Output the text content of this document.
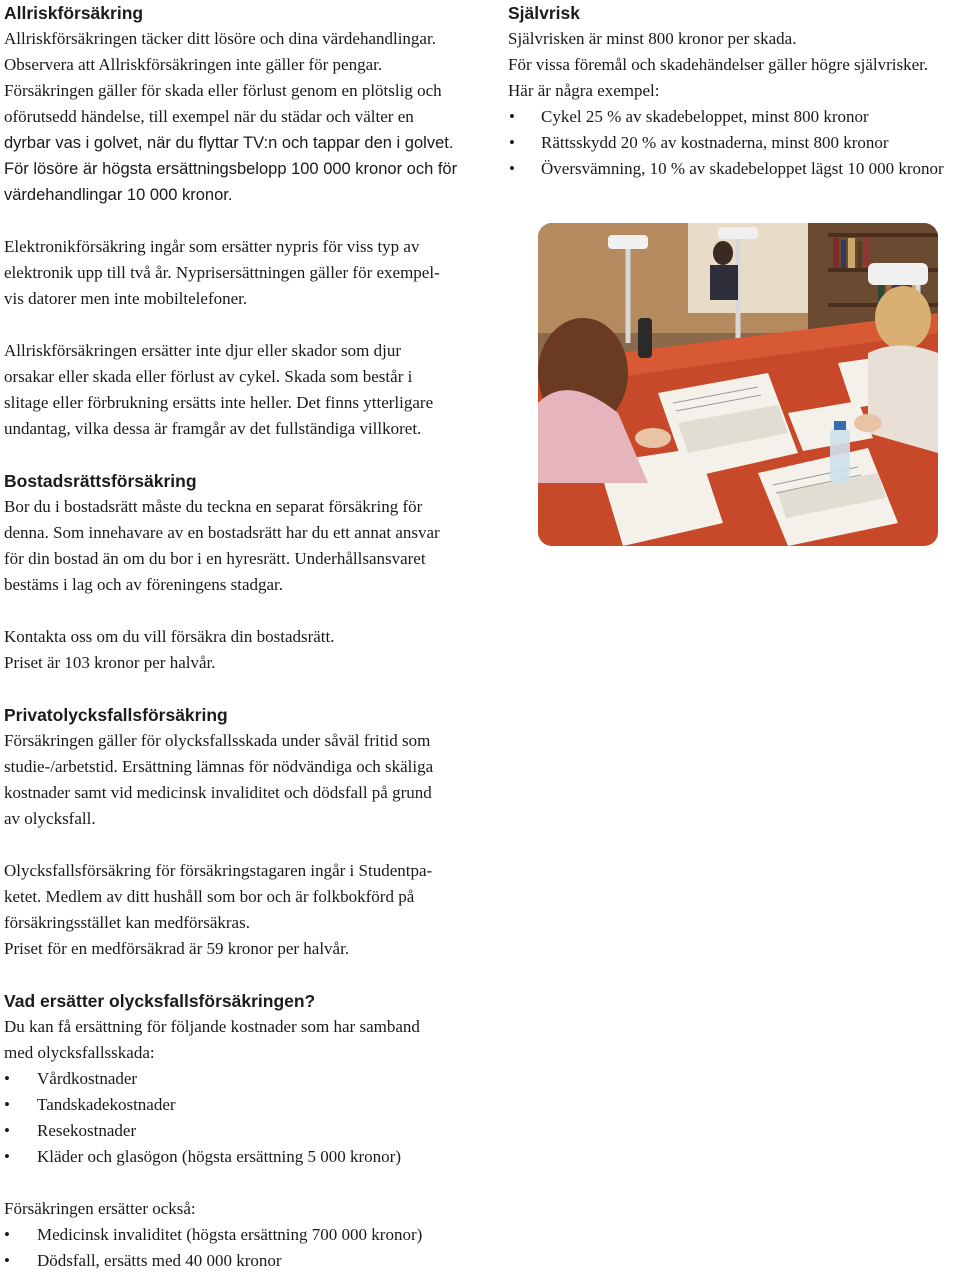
Allriskförsäkring

Allriskförsäkringen täcker ditt lösöre och dina värdehandlingar.

Observera att Allriskförsäkringen inte gäller för pengar.

Försäkringen gäller för skada eller förlust genom en plötslig och

oförutsedd händelse, till exempel när du städar och välter en

dyrbar vas i golvet, när du flyttar TV:n och tappar den i golvet.

För lösöre är högsta ersättningsbelopp 100 000 kronor och för

värdehandlingar 10 000 kronor.

Elektronikförsäkring ingår som ersätter nypris för viss typ av

elektronik upp till två år. Nyprisersättningen gäller för exempel-

vis datorer men inte mobiltelefoner.

Allriskförsäkringen ersätter inte djur eller skador som djur

orsakar eller skada eller förlust av cykel. Skada som består i

slitage eller förbrukning ersätts inte heller. Det finns ytterligare

undantag, vilka dessa är framgår av det fullständiga villkoret.

Bostadsrättsförsäkring

Bor du i bostadsrätt måste du teckna en separat försäkring för

denna. Som innehavare av en bostadsrätt har du ett annat ansvar

för din bostad än om du bor i en hyresrätt. Underhållsansvaret

bestäms i lag och av föreningens stadgar.

Kontakta oss om du vill försäkra din bostadsrätt.

Priset är 103 kronor per halvår.

Privatolycksfallsförsäkring

Försäkringen gäller för olycksfallsskada under såväl fritid som

studie-/arbetstid. Ersättning lämnas för nödvändiga och skäliga

kostnader samt vid medicinsk invaliditet och dödsfall på grund

av olycksfall.

Olycksfallsförsäkring för försäkringstagaren ingår i Studentpa-

ketet. Medlem av ditt hushåll som bor och är folkbokförd på

försäkringsstället kan medförsäkras.

Priset för en medförsäkrad är 59 kronor per halvår.

Vad ersätter olycksfallsförsäkringen?

Du kan få ersättning för följande kostnader som har samband

med olycksfallsskada:

• Vårdkostnader
• Tandskadekostnader
• Resekostnader
• Kläder och glasögon (högsta ersättning 5 000 kronor)

Försäkringen ersätter också:

• Medicinsk invaliditet (högsta ersättning 700 000 kronor)
• Dödsfall, ersätts med 40 000 kronor
Självrisk

Självrisken är minst 800 kronor per skada.

För vissa föremål och skadehändelser gäller högre självrisker.

Här är några exempel:

• Cykel 25 % av skadebeloppet, minst 800 kronor
• Rättsskydd 20 % av kostnaderna, minst 800 kronor
• Översvämning, 10 % av skadebeloppet lägst 10 000 kronor
